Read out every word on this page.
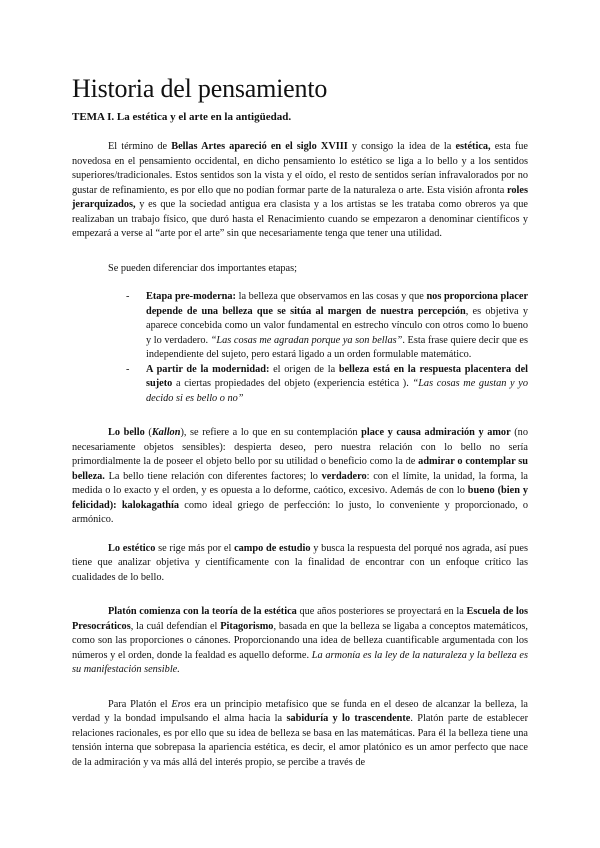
Historia del pensamiento
TEMA I. La estética y el arte en la antigüedad.

El término de Bellas Artes apareció en el siglo XVIII y consigo la idea de la estética, esta fue novedosa en el pensamiento occidental, en dicho pensamiento lo estético se liga a lo bello y a los sentidos superiores/tradicionales. Estos sentidos son la vista y el oído, el resto de sentidos serían infravalorados por no gustar de refinamiento, es por ello que no podían formar parte de la naturaleza o arte. Esta visión afronta roles jerarquizados, y es que la sociedad antigua era clasista y a los artistas se les trataba como obreros ya que realizaban un trabajo físico, que duró hasta el Renacimiento cuando se empezaron a denominar científicos y empezará a verse al “arte por el arte” sin que necesariamente tenga que tener una utilidad.

Se pueden diferenciar dos importantes etapas;

- Etapa pre-moderna: la belleza que observamos en las cosas y que nos proporciona placer depende de una belleza que se sitúa al margen de nuestra percepción, es objetiva y aparece concebida como un valor fundamental en estrecho vínculo con otros como lo bueno y lo verdadero. “Las cosas me agradan porque ya son bellas”. Esta frase quiere decir que es independiente del sujeto, pero estará ligado a un orden formulable matemático.
- A partir de la modernidad: el origen de la belleza está en la respuesta placentera del sujeto a ciertas propiedades del objeto (experiencia estética ). “Las cosas me gustan y yo decido si es bello o no”

Lo bello (Kallon), se refiere a lo que en su contemplación place y causa admiración y amor (no necesariamente objetos sensibles): despierta deseo, pero nuestra relación con lo bello no sería primordialmente la de poseer el objeto bello por su utilidad o beneficio como la de admirar o contemplar su belleza. La bello tiene relación con diferentes factores; lo verdadero: con el límite, la unidad, la forma, la medida o lo exacto y el orden, y es opuesta a lo deforme, caótico, excesivo. Además de con lo bueno (bien y felicidad): kalokagathía como ideal griego de perfección: lo justo, lo conveniente y proporcionado, o armónico.

Lo estético se rige más por el campo de estudio y busca la respuesta del porqué nos agrada, así pues tiene que analizar objetiva y científicamente con la finalidad de encontrar con un enfoque crítico las cualidades de lo bello.

Platón comienza con la teoría de la estética que años posteriores se proyectará en la Escuela de los Presocráticos, la cuál defendían el Pitagorismo, basada en que la belleza se ligaba a conceptos matemáticos, como son las proporciones o cánones. Proporcionando una idea de belleza cuantificable argumentada con los números y el orden, donde la fealdad es aquello deforme. La armonía es la ley de la naturaleza y la belleza es su manifestación sensible.

Para Platón el Eros era un principio metafísico que se funda en el deseo de alcanzar la belleza, la verdad y la bondad impulsando el alma hacia la sabiduría y lo trascendente. Platón parte de establecer relaciones racionales, es por ello que su idea de belleza se basa en las matemáticas. Para él la belleza tiene una tensión interna que sobrepasa la apariencia estética, es decir, el amor platónico es un amor perfecto que nace de la admiración y va más allá del interés propio, se percibe a través de
